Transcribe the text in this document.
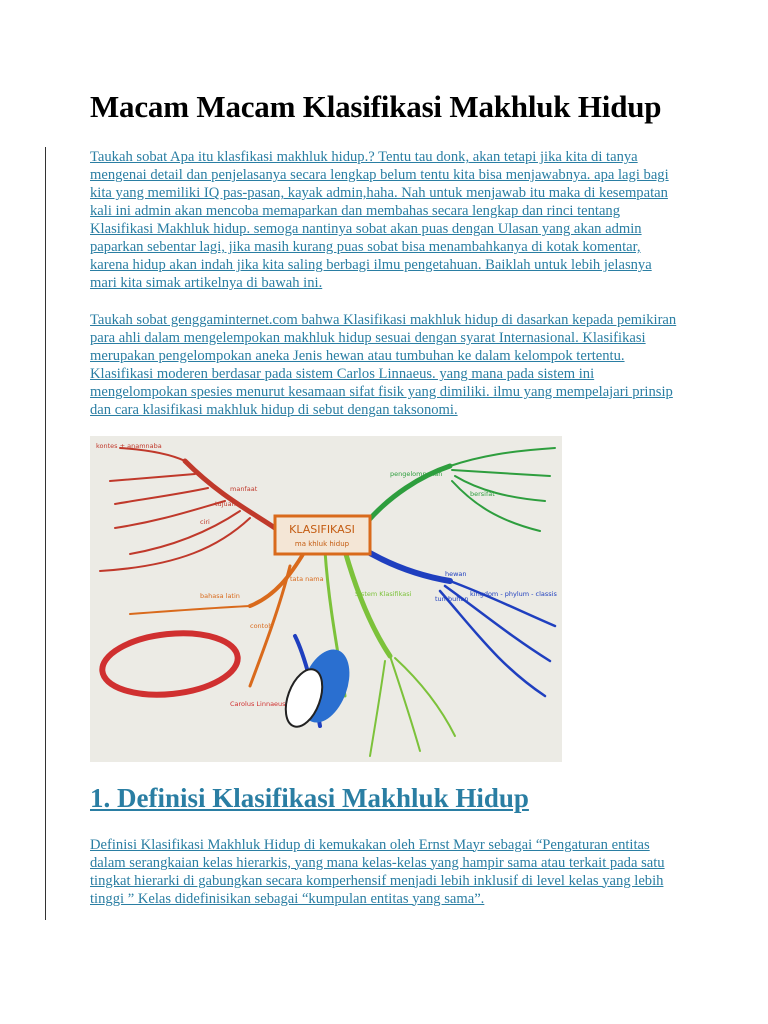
Macam Macam Klasifikasi Makhluk Hidup

Taukah sobat Apa itu klasfikasi makhluk hidup.? Tentu tau donk, akan tetapi jika kita di tanya mengenai detail dan penjelasanya secara lengkap belum tentu kita bisa menjawabnya. apa lagi bagi kita yang memiliki IQ pas-pasan, kayak admin,haha. Nah untuk menjawab itu maka di kesempatan kali ini admin akan mencoba memaparkan dan membahas secara lengkap dan rinci tentang Klasifikasi Makhluk hidup. semoga nantinya sobat akan puas dengan Ulasan yang akan admin paparkan sebentar lagi, jika masih kurang puas sobat bisa menambahkanya di kotak komentar, karena hidup akan indah jika kita saling berbagi ilmu pengetahuan. Baiklah untuk lebih jelasnya mari kita simak artikelnya di bawah ini.

Taukah sobat genggaminternet.com bahwa Klasifikasi makhluk hidup di dasarkan kepada pemikiran para ahli dalam mengelempokan makhluk hidup sesuai dengan syarat Internasional. Klasifikasi merupakan pengelompokan aneka Jenis hewan atau tumbuhan ke dalam kelompok tertentu. Klasifikasi moderen berdasar pada sistem Carlos Linnaeus. yang mana pada sistem ini mengelompokan spesies menurut kesamaan sifat fisik yang dimiliki. ilmu yang mempelajari prinsip dan cara klasifikasi makhluk hidup di sebut dengan taksonomi.

KLASIFIKASI
ma khluk hidup
kontes + anamnaba
manfaat
tujuan
ciri
bahasa latin
contoh
hewan
kingdom - phylum - classis
tumbuhan
pengelompokan
Carolus Linnaeus
bersifat
Sistem Klasifikasi
tata nama
1. Definisi Klasifikasi Makhluk Hidup

Definisi Klasifikasi Makhluk Hidup di kemukakan oleh Ernst Mayr sebagai “Pengaturan entitas dalam serangkaian kelas hierarkis, yang mana kelas-kelas yang hampir sama atau terkait pada satu tingkat hierarki di gabungkan secara komperhensif menjadi lebih inklusif di level kelas yang lebih tinggi ” Kelas didefinisikan sebagai “kumpulan entitas yang sama”.
